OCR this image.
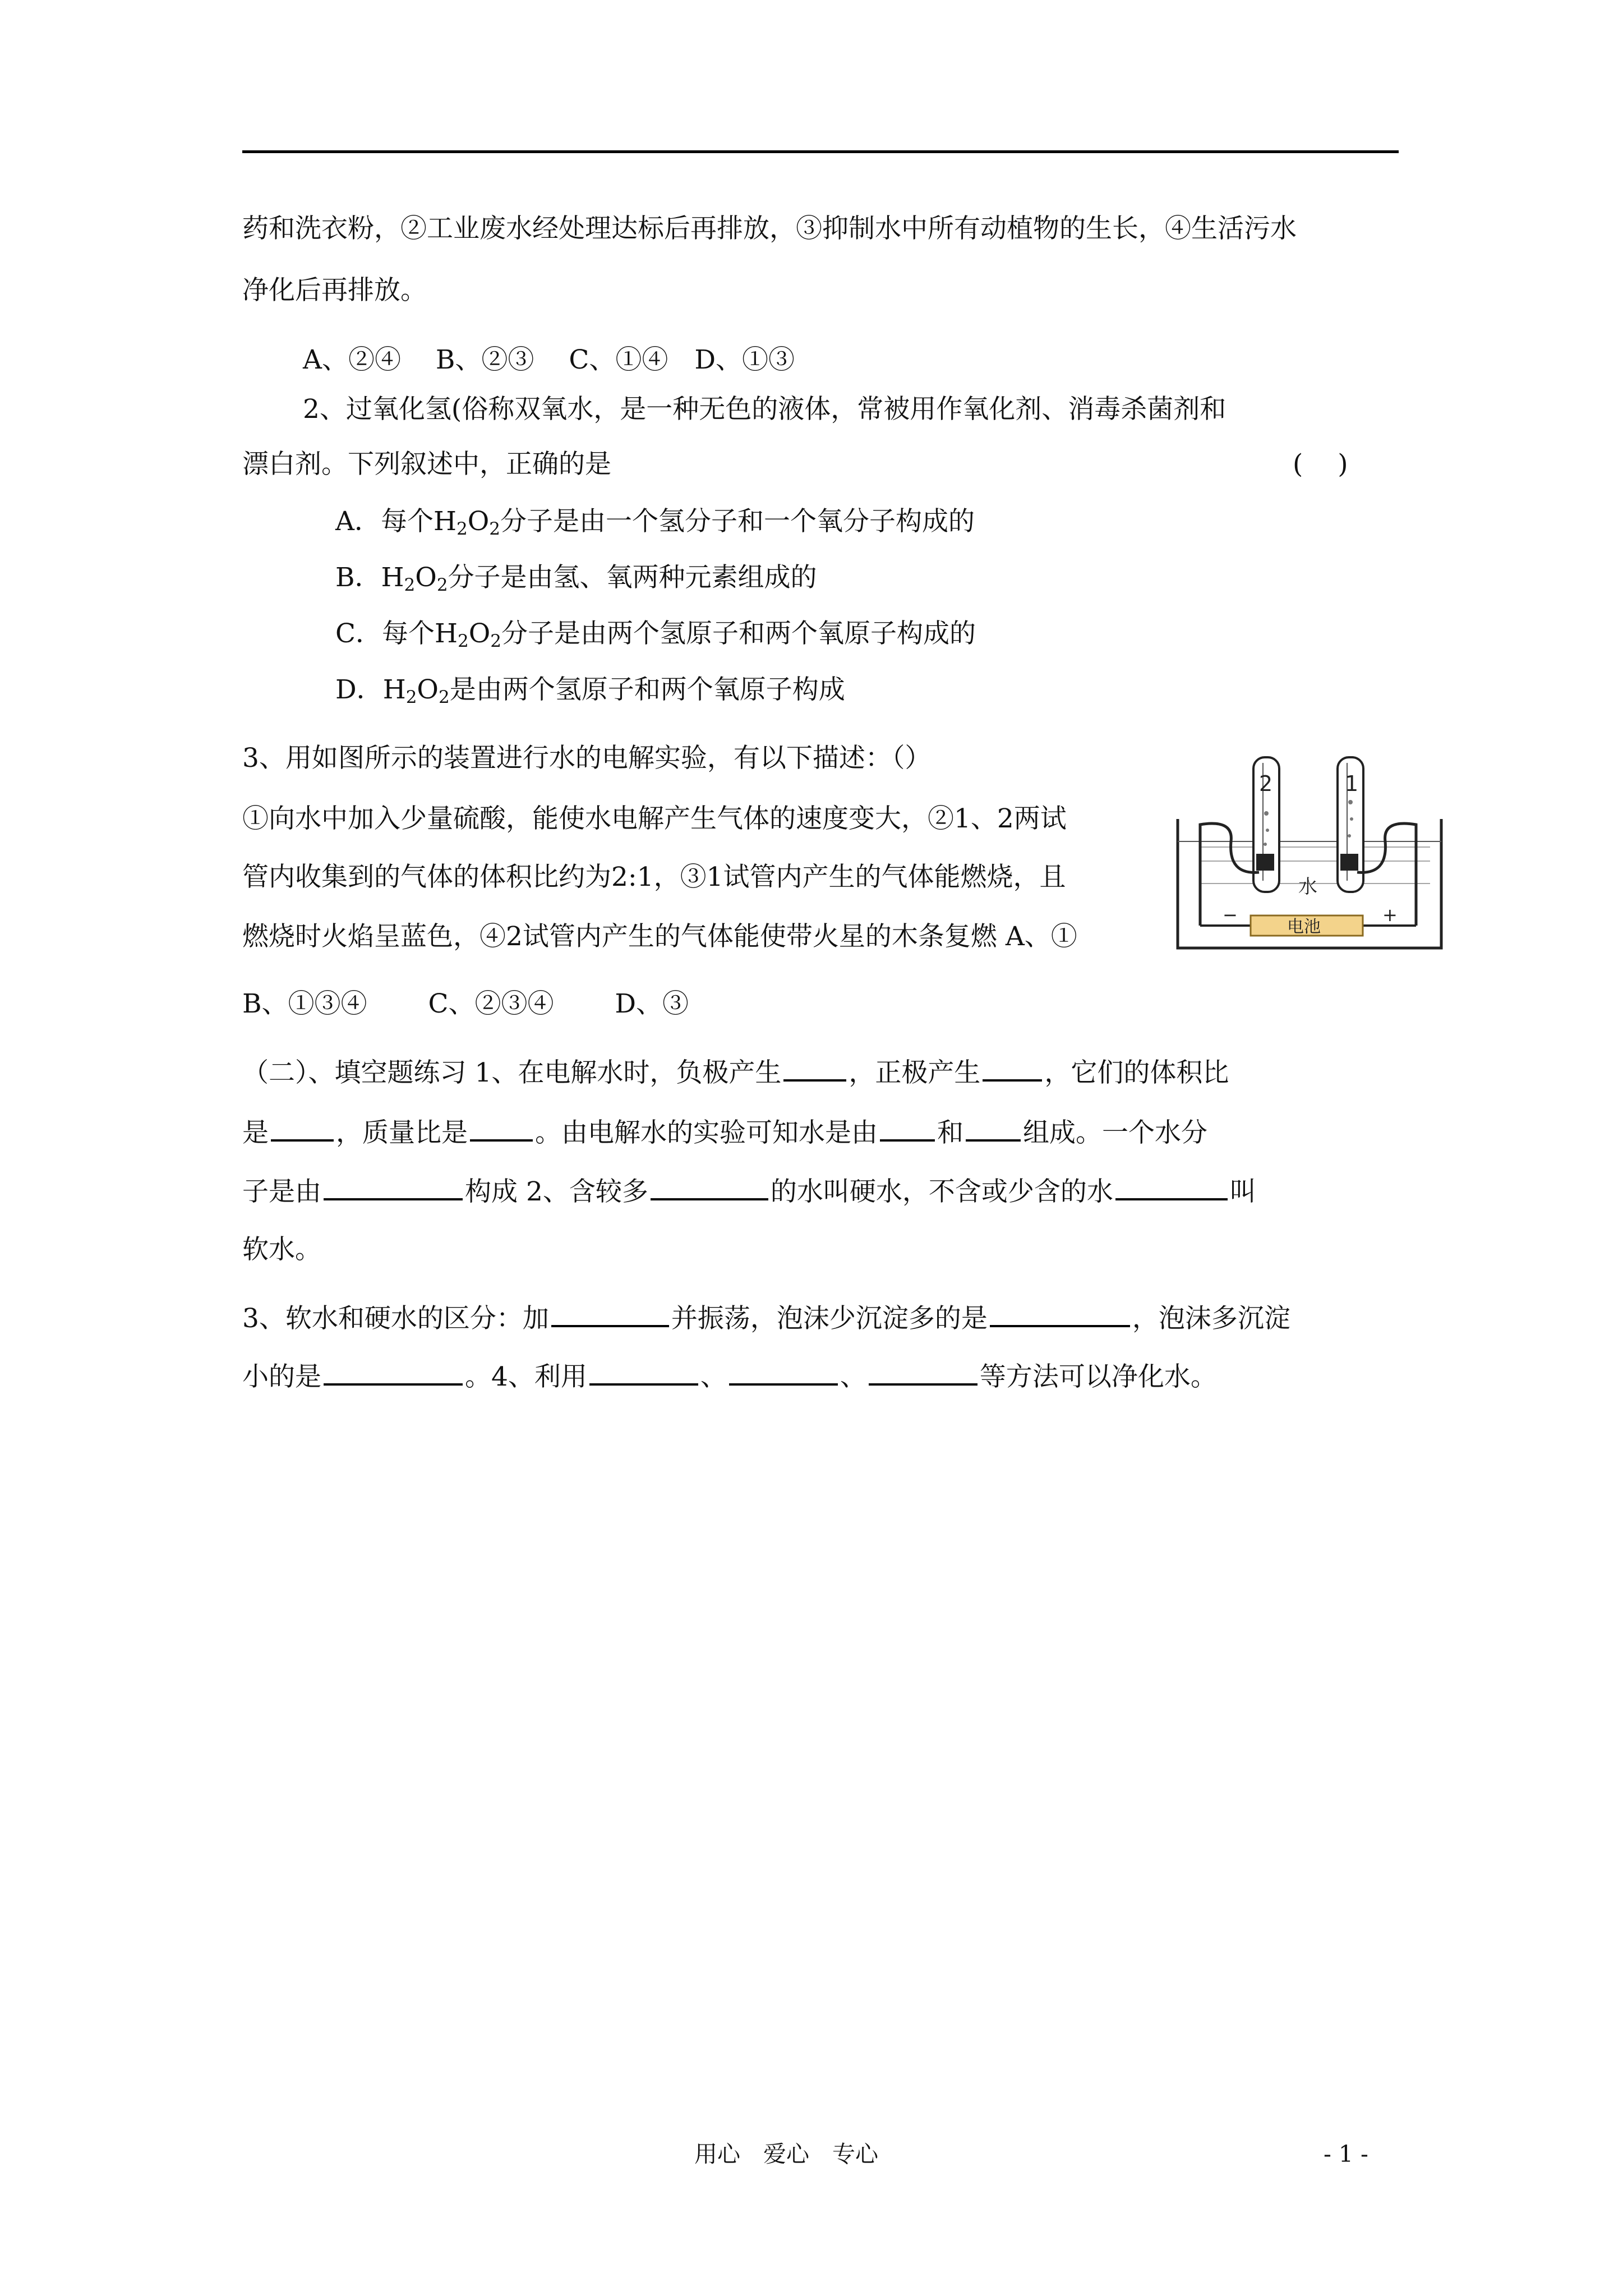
药和洗衣粉，②工业废水经处理达标后再排放，③抑制水中所有动植物的生长，④生活污水
净化后再排放。
A、②④　 B、②③　 C、①④　D、①③
2、过氧化氢(俗称双氧水，是一种无色的液体，常被用作氧化剂、消毒杀菌剂和
漂白剂。下列叙述中，正确的是	(　 )
A．每个$H_2O_2$分子是由一个氢分子和一个氧分子构成的
B．$H_2O_2$分子是由氢、氧两种元素组成的
C．每个$H_2O_2$分子是由两个氢原子和两个氧原子构成的
D．$H_2O_2$是由两个氢原子和两个氧原子构成
3、用如图所示的装置进行水的电解实验，有以下描述：（）
①向水中加入少量硫酸，能使水电解产生气体的速度变大，②1、2两试
管内收集到的气体的体积比约为2:1，③1试管内产生的气体能燃烧，且
燃烧时火焰呈蓝色，④2试管内产生的气体能使带火星的木条复燃 A、①
B、①③④　　 C、②③④　　 D、③
2	1
水
电池
−	+
（二）、填空题练习 1、在电解水时，负极产生	，正极产生 ，它们的体积比
是	，质量比是	。由电解水的实验可知水是由 和 组成。一个水分
子是由	构成 2、含较多	的水叫硬水，不含或少含的水	叫
软水。
3、软水和硬水的区分：加	并振荡，泡沫少沉淀多的是	，泡沫多沉淀
小的是	。4、利用	、	、	等方法可以净化水。
用心　爱心　专心	- 1 -
